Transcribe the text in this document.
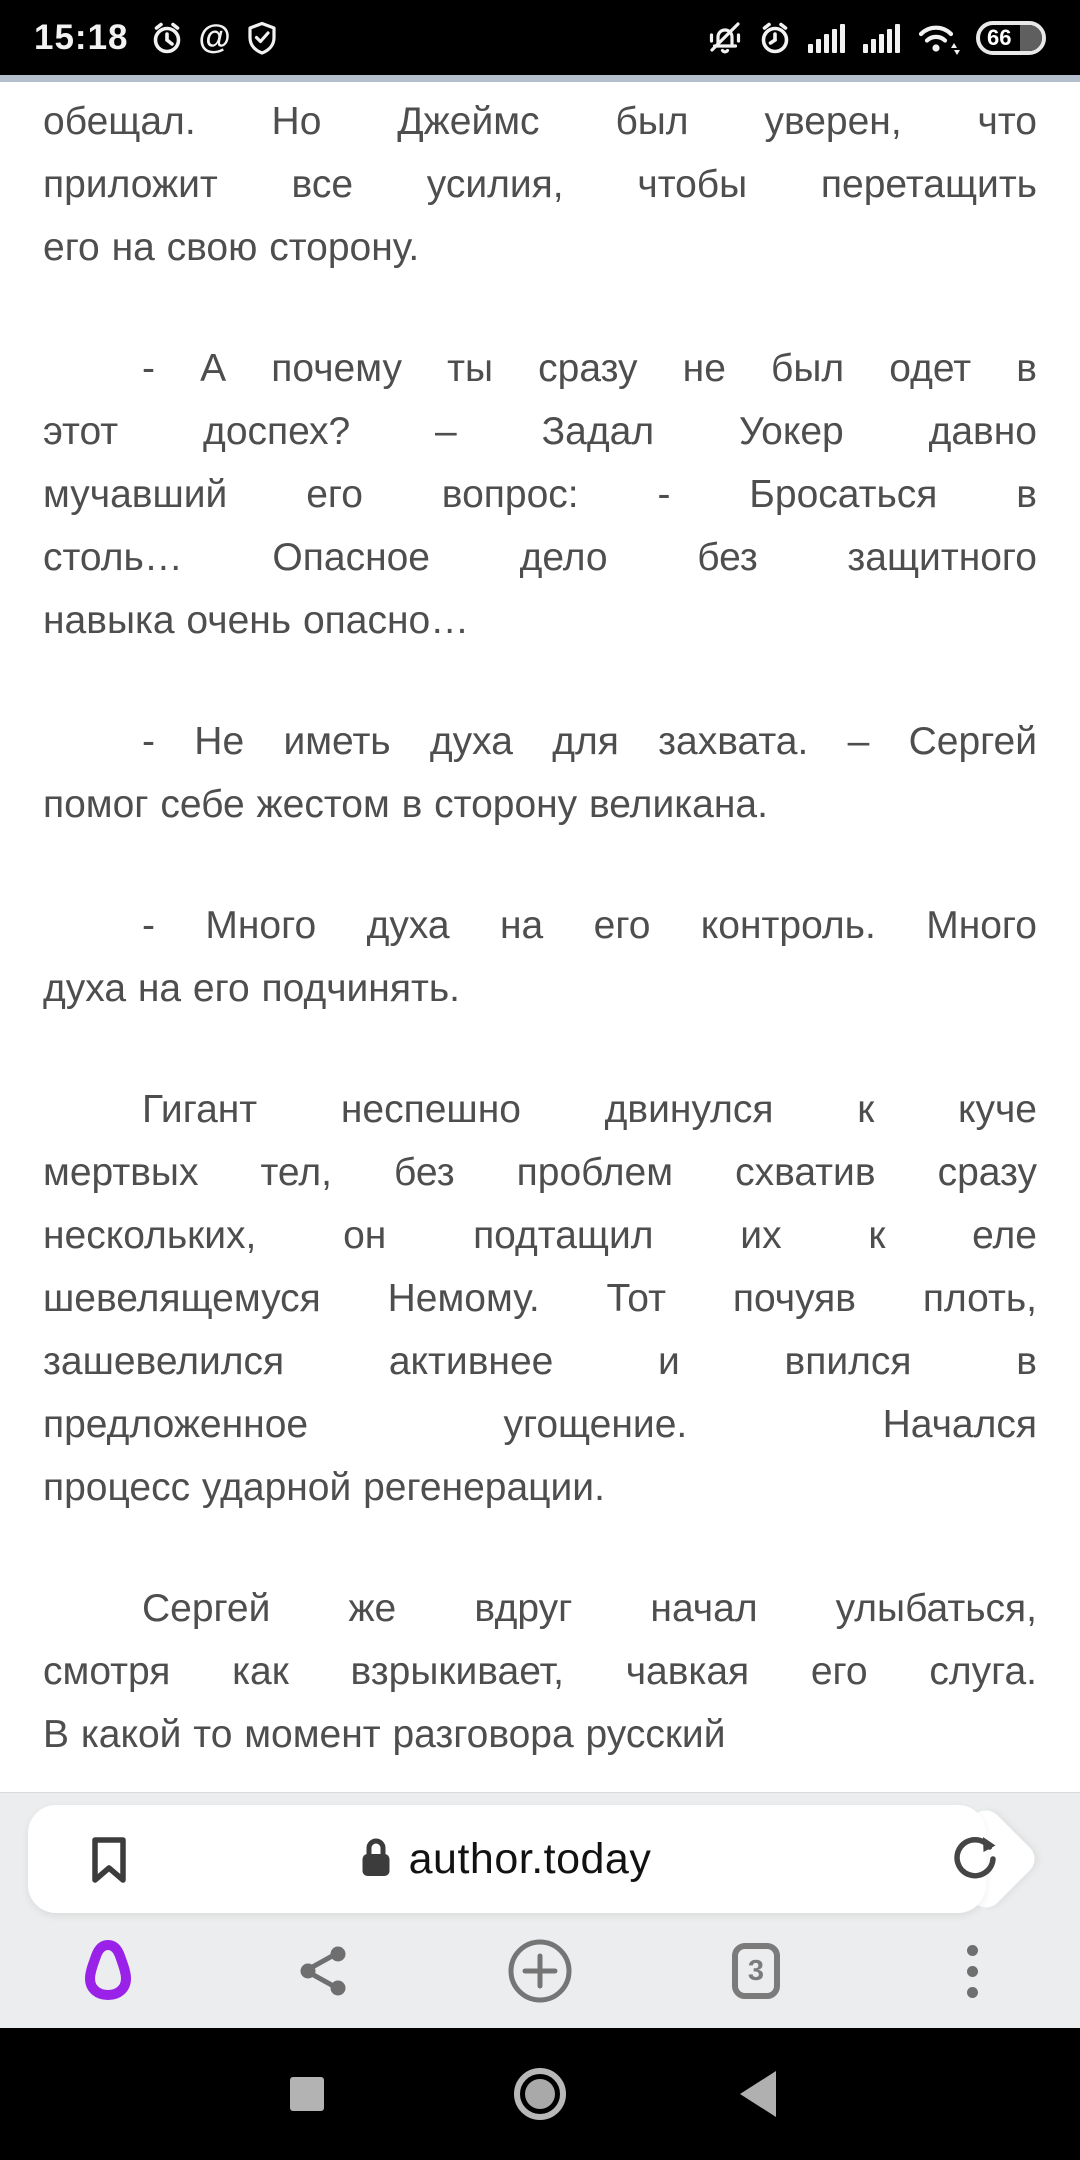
15:18 @	66
обещал. Но Джеймс был уверен, что
приложит все усилия, чтобы перетащить
его на свою сторону.
- А почему ты сразу не был одет в
этот доспех? – Задал Уокер давно
мучавший его вопрос: - Бросаться в
столь… Опасное дело без защитного
навыка очень опасно…
- Не иметь духа для захвата. – Сергей
помог себе жестом в сторону великана.
- Много духа на его контроль. Много
духа на его подчинять.
Гигант неспешно двинулся к куче
мертвых тел, без проблем схватив сразу
нескольких, он подтащил их к еле
шевелящемуся Немому. Тот почуяв плоть,
зашевелился активнее и впился в
предложенное угощение. Начался
процесс ударной регенерации.
Сергей же вдруг начал улыбаться,
смотря как взрыкивает, чавкая его слуга.
В какой то момент разговора русский
author.today
3
